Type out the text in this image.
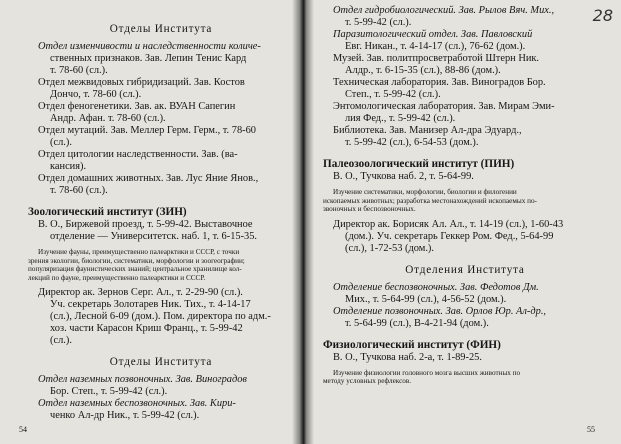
Отделы Института
Отдел изменчивости и наследственности количе-
ственных признаков. Зав. Лепин Тенис Кард
т. 78-60 (сл.).
Отдел межвидовых гибридизаций. Зав. Костов
Дончо, т. 78-60 (сл.).
Отдел феногенетики. Зав. ак. ВУАН Сапегин
Андр. Афан. т. 78-60 (сл.).
Отдел мутаций. Зав. Меллер Герм. Герм., т. 78-60
(сл.).
Отдел цитологии наследственности. Зав. (ва-
кансия).
Отдел домашних животных. Зав. Лус Яние Янов.,
т. 78-60 (сл.).
Зоологический институт (ЗИН)
В. О., Биржевой проезд, т. 5-99-42. Выставочное
отделение — Университетск. наб. 1, т. 6-15-35.
Изучение фауны, преимущественно палеарктики и СССР, с точки
зрения экологии, биологии, систематики, морфологии и зоогеографии;
популяризация фаунистических знаний; центральное хранилище кол-
лекций по фауне, преимущественно палеарктики и СССР.
Директор ак. Зернов Серг. Ал., т. 2-29-90 (сл.).
Уч. секретарь Золотарев Ник. Тих., т. 4-14-17
(сл.), Лесной 6-09 (дом.). Пом. директора по адм.-
хоз. части Карасон Криш Франц., т. 5-99-42
(сл.).
Отделы Института
Отдел наземных позвоночных. Зав. Виноградов
Бор. Степ., т. 5-99-42 (сл.).
Отдел наземных беспозвоночных. Зав. Кири-
ченко Ал-др Ник., т. 5-99-42 (сл.).
54
28
Отдел гидробиологический. Зав. Рылов Вяч. Мих.,
т. 5-99-42 (сл.).
Паразитологический отдел. Зав. Павловский
Евг. Никан., т. 4-14-17 (сл.), 76-62 (дом.).
Музей. Зав. политпросветработой Штерн Ник.
Алдр., т. 6-15-35 (сл.), 88-86 (дом.).
Техническая лаборатория. Зав. Виноградов Бор.
Степ., т. 5-99-42 (сл.).
Энтомологическая лаборатория. Зав. Мирам Эми-
лия Фед., т. 5-99-42 (сл.).
Библиотека. Зав. Манизер Ал-дра Эдуард.,
т. 5-99-42 (сл.), 6-54-53 (дом.).
Палеозоологический институт (ПИН)
В. О., Тучкова наб. 2, т. 5-64-99.
Изучение систематики, морфологии, биологии и филогении
ископаемых животных; разработка местонахождений ископаемых по-
звоночных и беспозвоночных.
Директор ак. Борисяк Ал. Ал., т. 14-19 (сл.), 1-60-43
(дом.). Уч. секретарь Геккер Ром. Фед., 5-64-99
(сл.), 1-72-53 (дом.).
Отделения Института
Отделение беспозвоночных. Зав. Федотов Дм.
Мих., т. 5-64-99 (сл.), 4-56-52 (дом.).
Отделение позвоночных. Зав. Орлов Юр. Ал-др.,
т. 5-64-99 (сл.), В-4-21-94 (дом.).
Физиологический институт (ФИН)
В. О., Тучкова наб. 2-а, т. 1-89-25.
Изучение физиологии головного мозга высших животных по
методу условных рефлексов.
55
